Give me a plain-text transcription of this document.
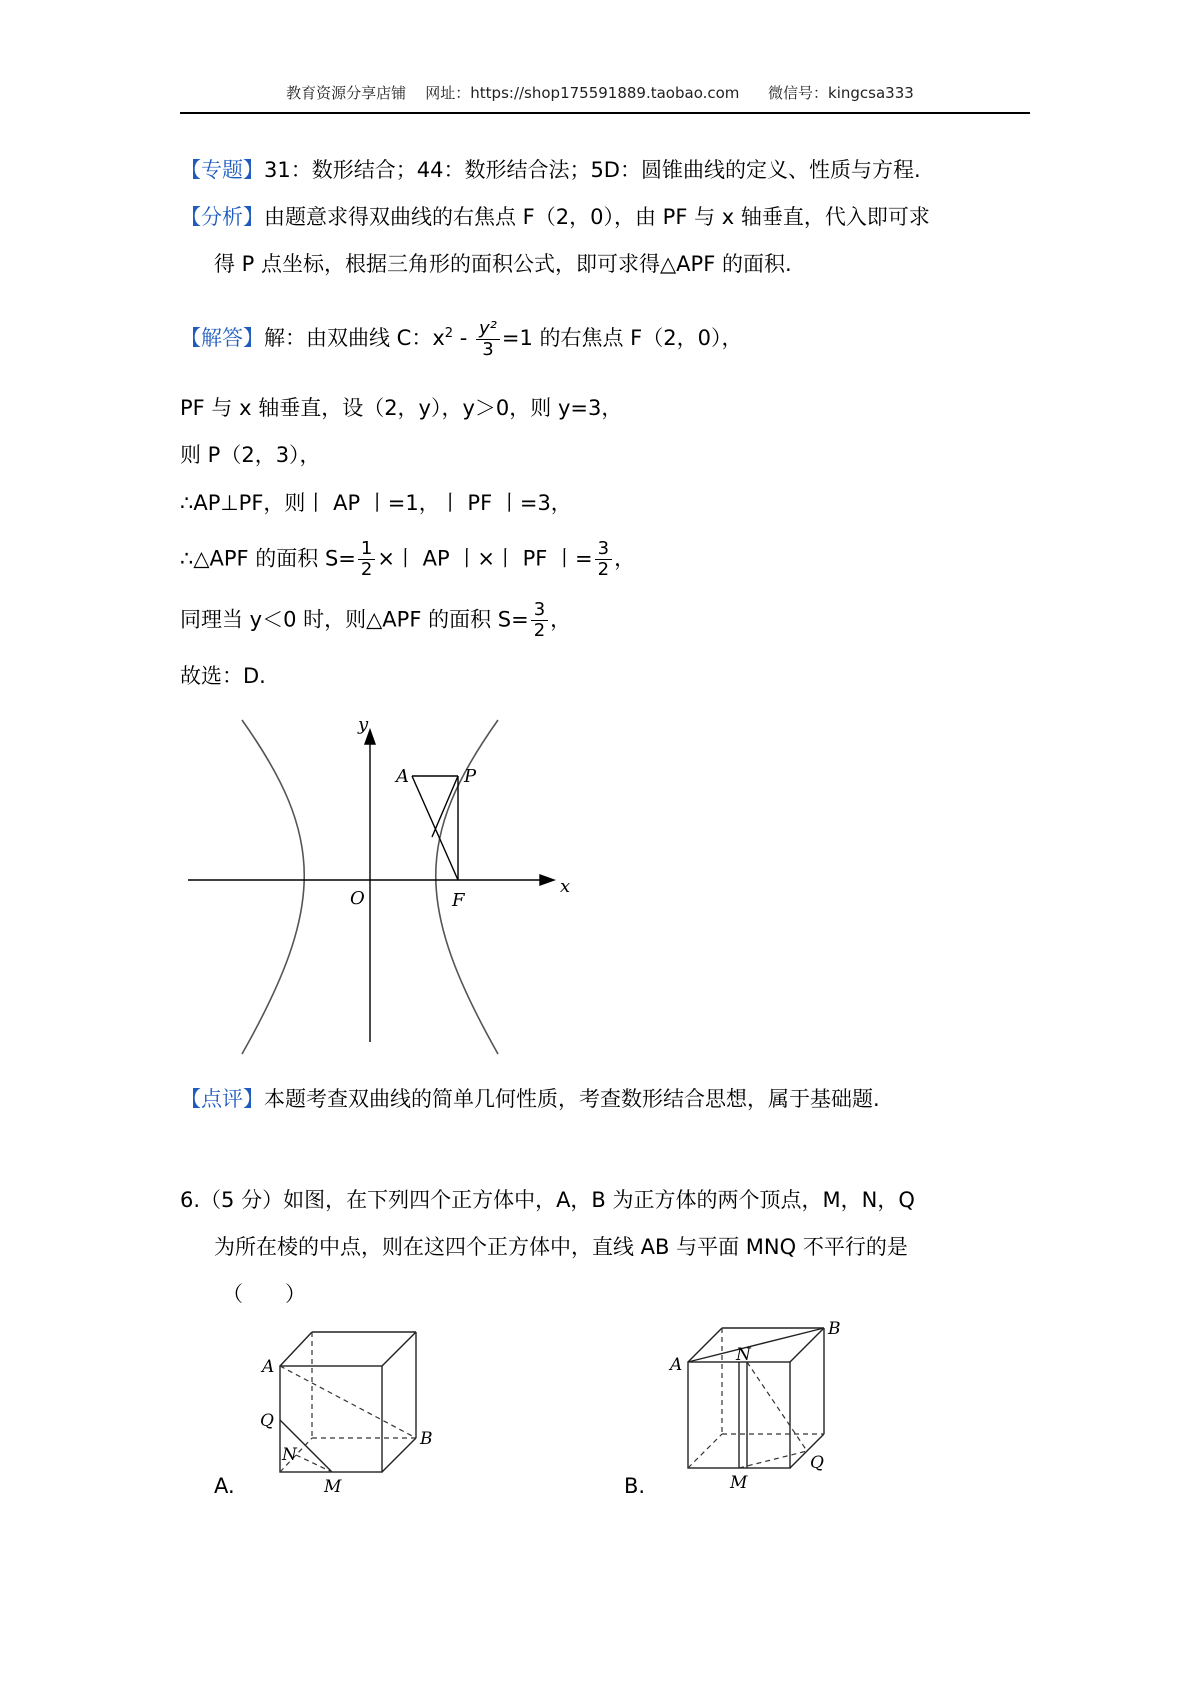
教育资源分享店铺 网址：https://shop175591889.taobao.com 微信号：kingcsa333
【专题】31：数形结合；44：数形结合法；5D：圆锥曲线的定义、性质与方程.
【分析】由题意求得双曲线的右焦点 F（2，0），由 PF 与 x 轴垂直，代入即可求
得 P 点坐标，根据三角形的面积公式，即可求得△APF 的面积.
【解答】解：由双曲线 C：$x^2 - \frac{\text{y²}}{3} =1$ 的右焦点 F（2，0），
PF 与 x 轴垂直，设（2，y），y＞0，则 y=3，
则 P（2，3），
∴AP⊥PF，则丨 AP 丨=1，丨 PF 丨=3，
∴△APF 的面积 $S= \frac{1}{2}$ ×丨 AP 丨×丨 PF 丨= $\frac{3}{2}$ ，
同理当 y＜0 时，则△APF 的面积 $S= \frac{3}{2}$ ，
故选：D.
y
x
A	P
O	F
【点评】本题考查双曲线的简单几何性质，考查数形结合思想，属于基础题.
6.（5 分）如图，在下列四个正方体中，A，B 为正方体的两个顶点，M，N，Q
为所在棱的中点，则在这四个正方体中，直线 AB 与平面 MNQ 不平行的是
（　　）
A.
A
Q
N
M
B
B.
A	N
B
M
Q
